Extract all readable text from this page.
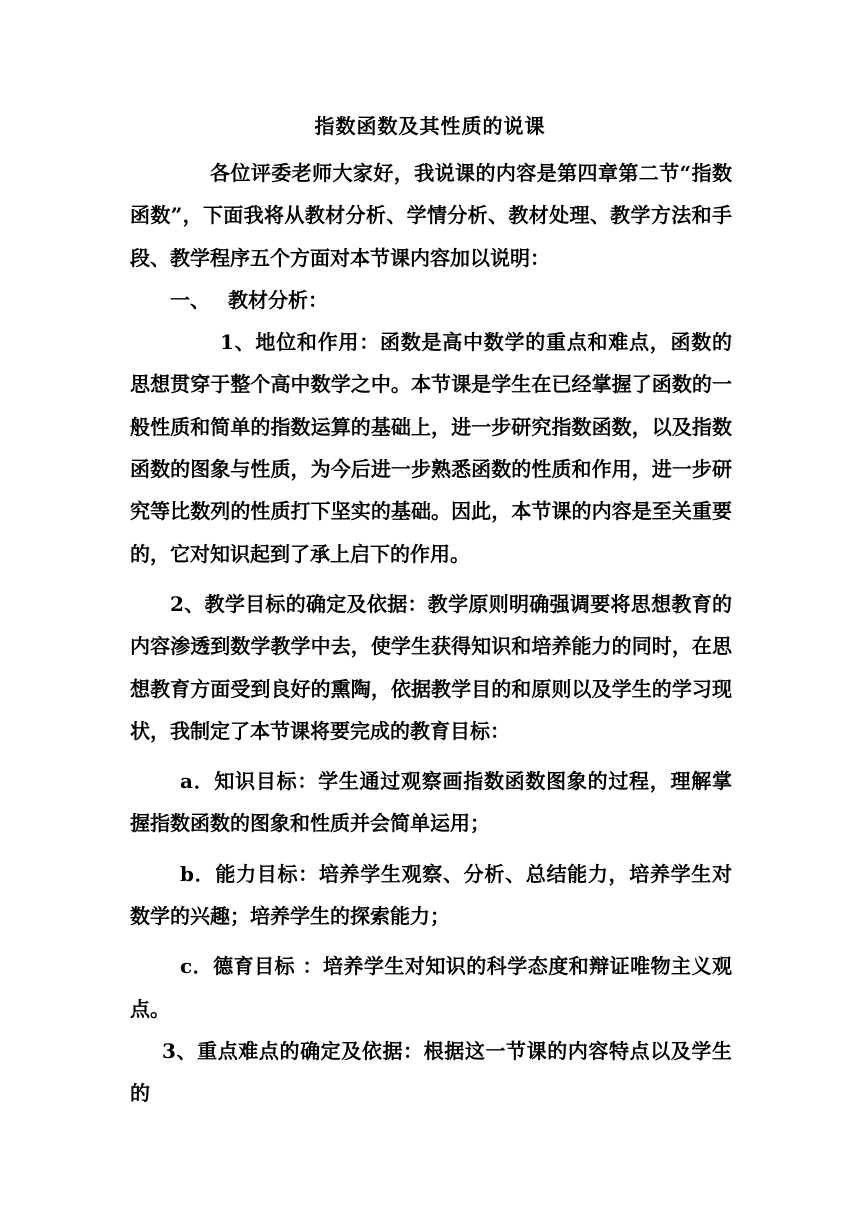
指数函数及其性质的说课

各位评委老师大家好，我说课的内容是第四章第二节“指数函数”，下面我将从教材分析、学情分析、教材处理、教学方法和手段、教学程序五个方面对本节课内容加以说明：

一、 教材分析：

1、地位和作用：函数是高中数学的重点和难点，函数的思想贯穿于整个高中数学之中。本节课是学生在已经掌握了函数的一般性质和简单的指数运算的基础上，进一步研究指数函数，以及指数函数的图象与性质，为今后进一步熟悉函数的性质和作用，进一步研究等比数列的性质打下坚实的基础。因此，本节课的内容是至关重要的，它对知识起到了承上启下的作用。

2、教学目标的确定及依据：教学原则明确强调要将思想教育的内容渗透到数学教学中去，使学生获得知识和培养能力的同时，在思想教育方面受到良好的熏陶，依据教学目的和原则以及学生的学习现状，我制定了本节课将要完成的教育目标：

a．知识目标：学生通过观察画指数函数图象的过程，理解掌握指数函数的图象和性质并会简单运用；

b．能力目标：培养学生观察、分析、总结能力，培养学生对数学的兴趣；培养学生的探索能力；

c．德育目标 ：培养学生对知识的科学态度和辩证唯物主义观点。

3、重点难点的确定及依据：根据这一节课的内容特点以及学生的
